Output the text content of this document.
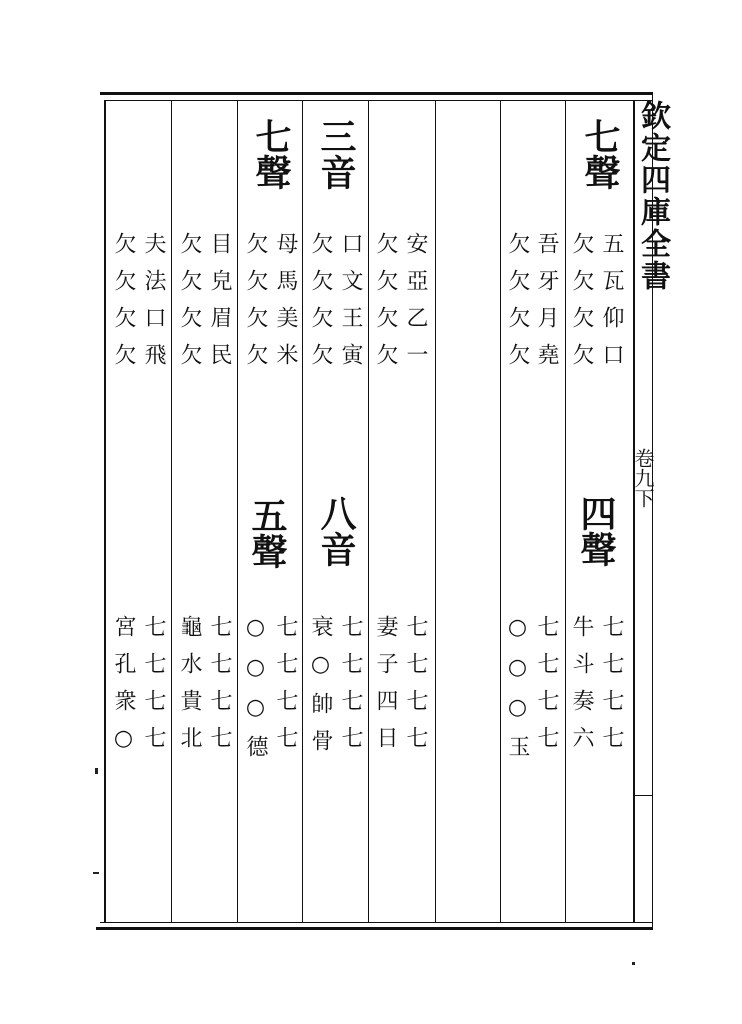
欽定四庫全書
卷九下
七聲
五瓦仰口
欠欠欠欠
四聲
七七七七
牛斗奏六
吾牙月堯
欠欠欠欠
七七七七
○○○玉
安亞乙一
欠欠欠欠
七七七七
妻子四日
三音
口文王寅
欠欠欠欠
八音
七七七七
衰○帥骨
七聲
母馬美米
欠欠欠欠
五聲
七七七七
○○○德
目皃眉民
欠欠欠欠
七七七七
龜水貴北
夫法口飛
欠欠欠欠
七七七七
宮孔衆○
